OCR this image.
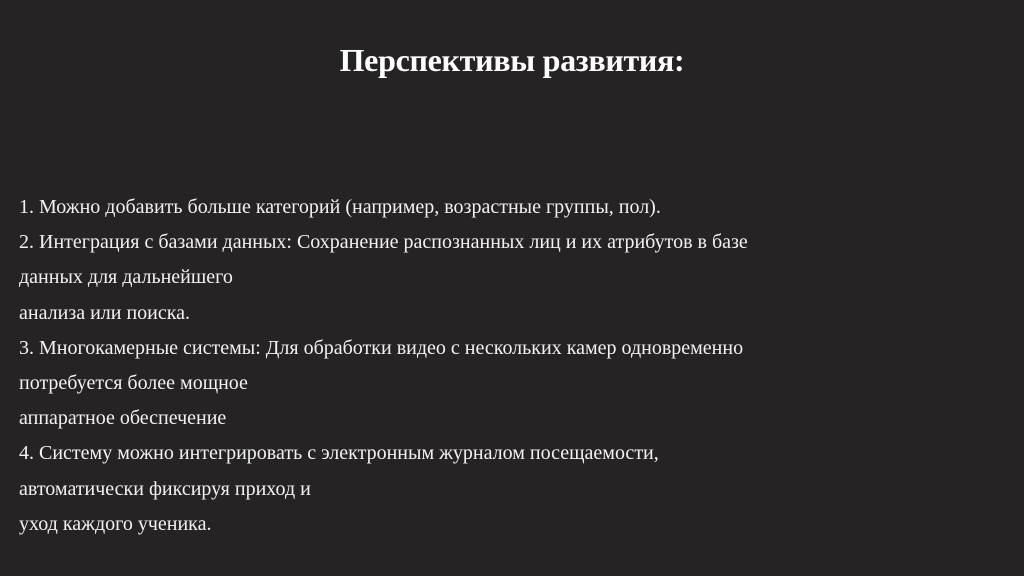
Перспективы развития:
1. Можно добавить больше категорий (например, возрастные группы, пол).
2. Интеграция с базами данных: Сохранение распознанных лиц и их атрибутов в базе
данных для дальнейшего
анализа или поиска.
3. Многокамерные системы: Для обработки видео с нескольких камер одновременно
потребуется более мощное
аппаратное обеспечение
4. Систему можно интегрировать с электронным журналом посещаемости,
автоматически фиксируя приход и
уход каждого ученика.
